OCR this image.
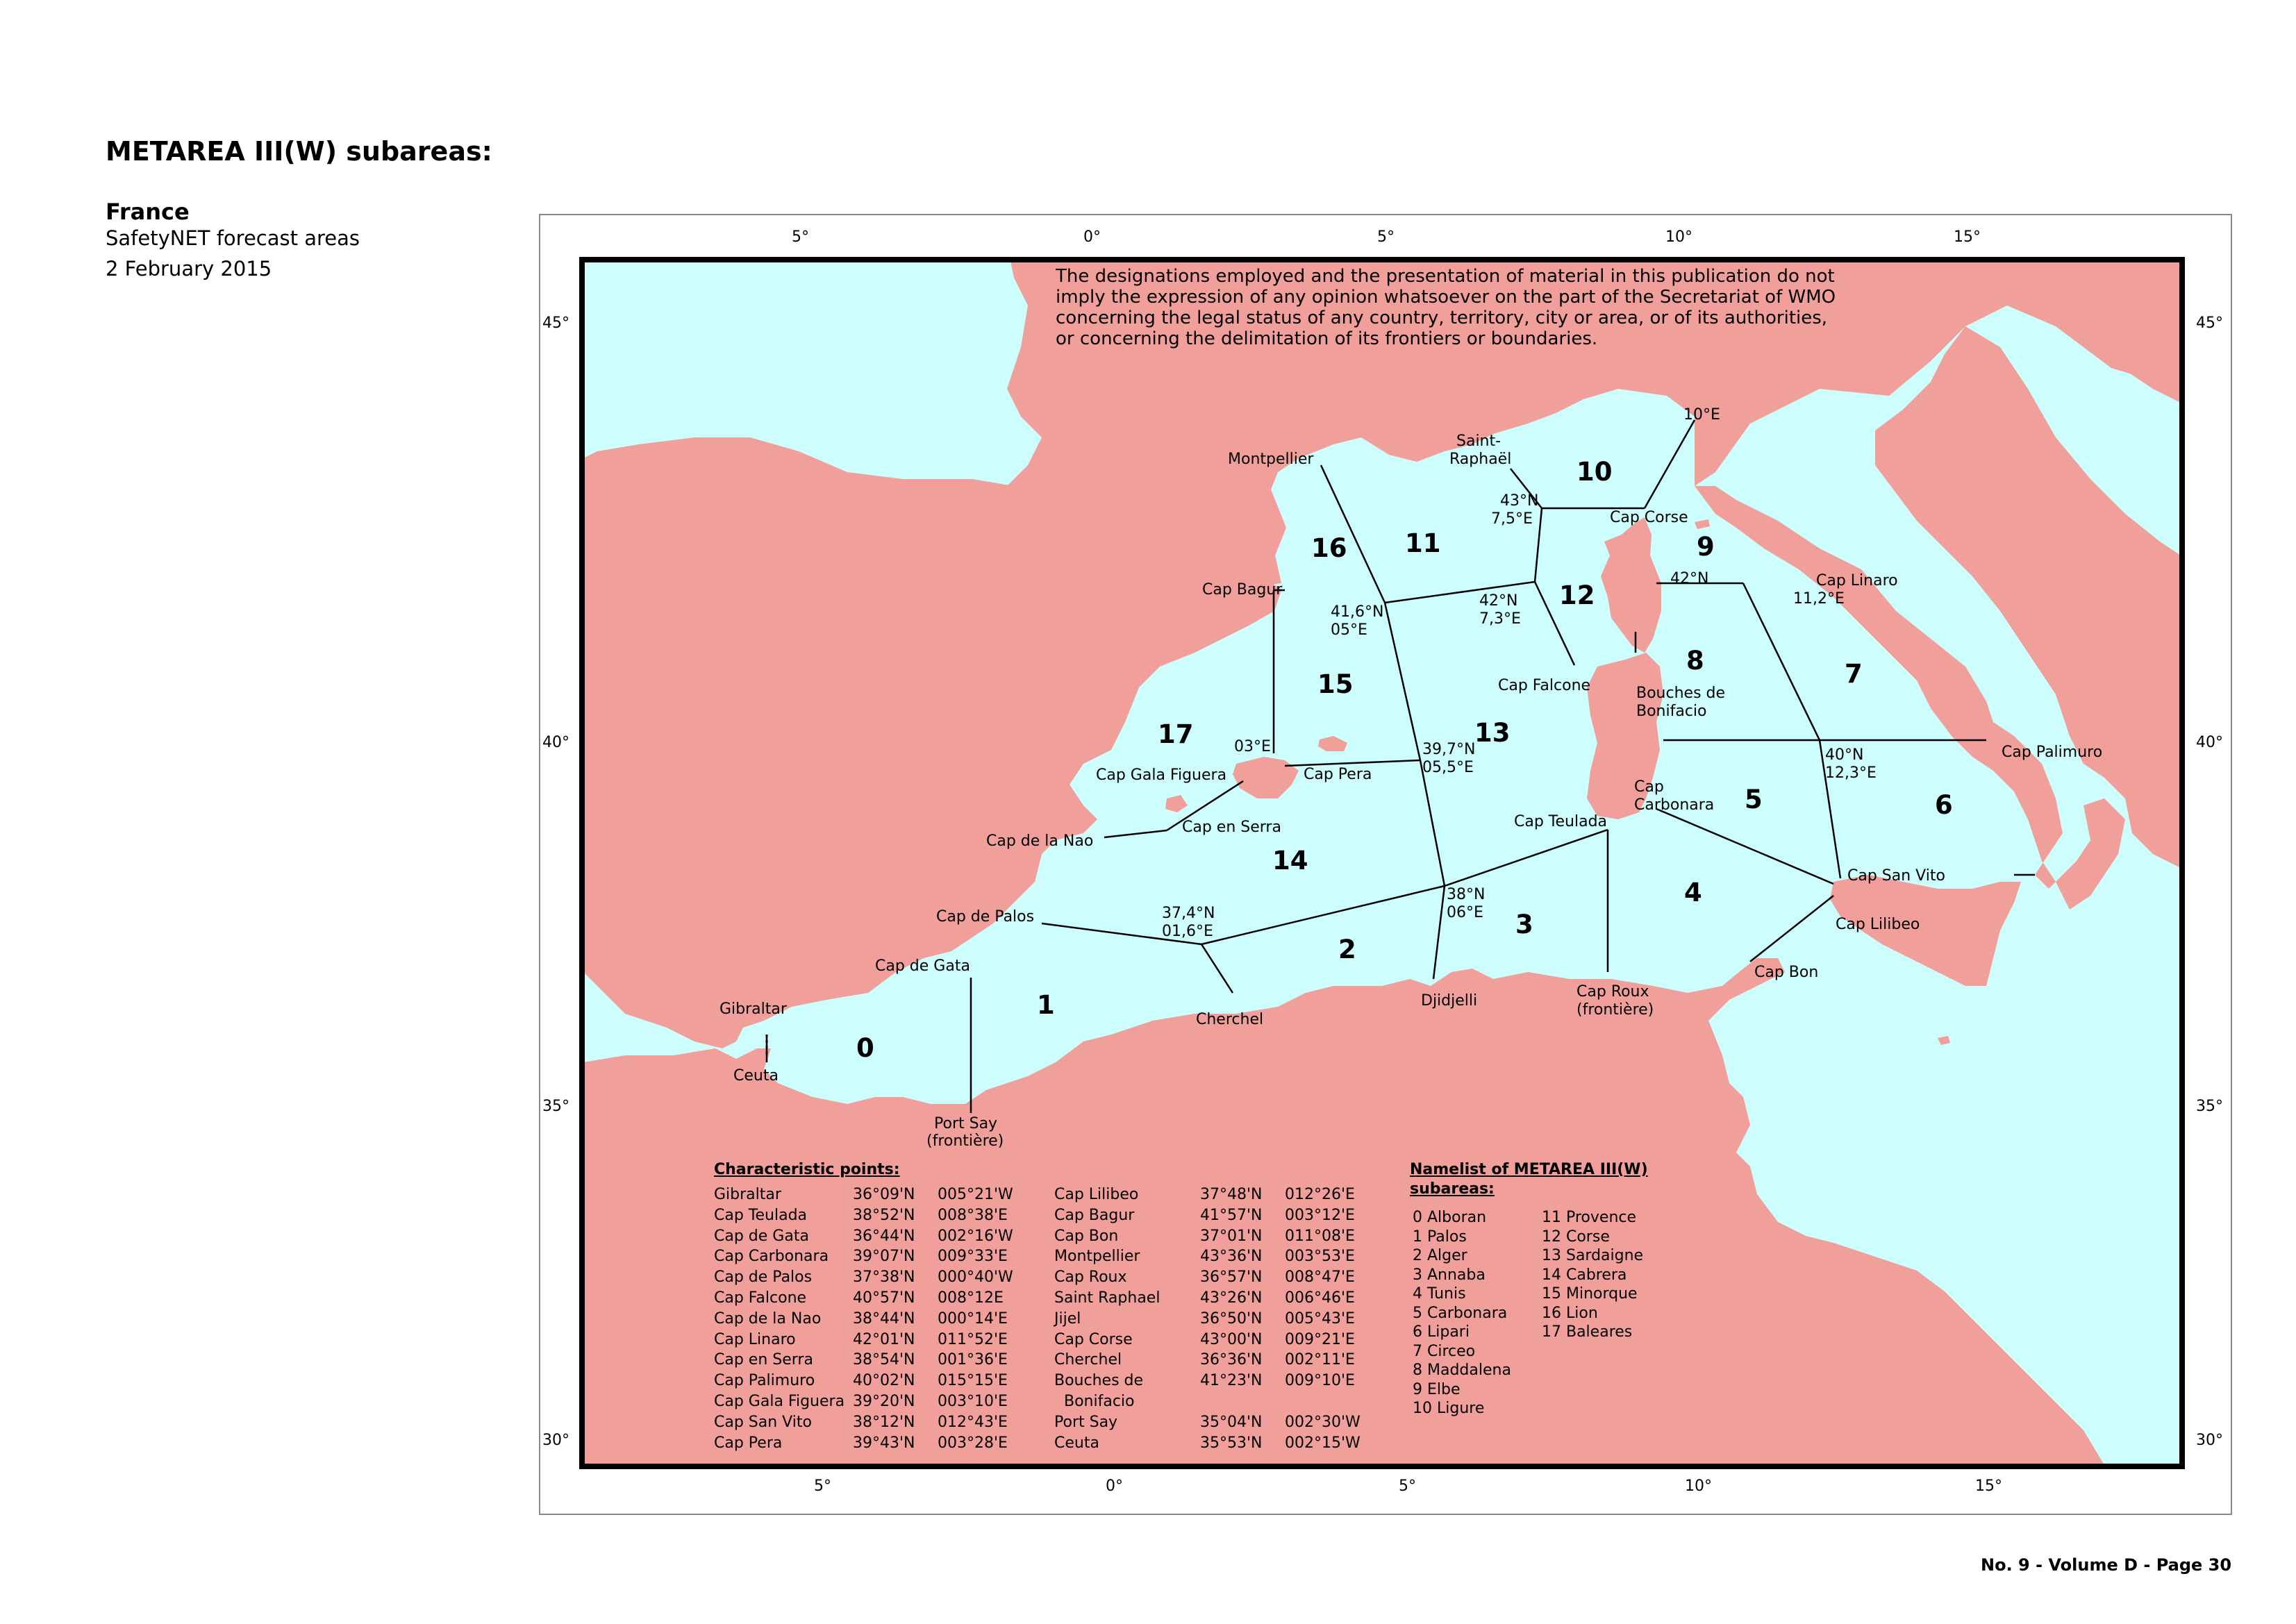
METAREA III(W) subareas:
France
SafetyNET forecast areas
2 February 2015
5°	0°	5°	10°	15°
5°	0°	5°	10°	15°
45°
40°
35°
30°
45°
40°
35°
30°
0
1
2
3
4
5	6
7
8
9
10
11
12
13
14
15
16
17
Gibraltar
Ceuta
Cap de Gata
Port Say
(frontière)
Cap de Palos
Cap de la Nao
Cap en Serra
Cap Gala Figuera	Cap Pera
Cap Bagur
Montpellier
Saint-
Raphaël
Cap Corse
Cap Falcone	Bouches de
Bonifacio
Cap
Carbonara
Cap Teulada
Cap Linaro
Cap Palimuro
Cap San Vito
Cap Lilibeo
Cap Bon
Cap Roux
(frontière)
Djidjelli
Cherchel
10°E
43°N
7,5°E
42°N
7,3°E
41,6°N
05°E
42°N
11,2°E
03°E	39,7°N
05,5°E
40°N
12,3°E
38°N
06°E
37,4°N
01,6°E
The designations employed and the presentation of material in this publication do not imply the expression of any opinion whatsoever on the part of the Secretariat of WMO concerning the legal status of any country, territory, city or area, or of its authorities, or concerning the delimitation of its frontiers or boundaries.
Characteristic points:
Gibraltar	36°09'N 005°21'W
Cap Teulada	38°52'N 008°38'E
Cap de Gata	36°44'N 002°16'W
Cap Carbonara 39°07'N 009°33'E
Cap de Palos	37°38'N 000°40'W
Cap Falcone	40°57'N 008°12E
Cap de la Nao 38°44'N 000°14'E
Cap Linaro	42°01'N 011°52'E
Cap en Serra	38°54'N 001°36'E
Cap Palimuro 40°02'N 015°15'E
Cap Gala Figuera 39°20'N 003°10'E
Cap San Vito	38°12'N 012°43'E
Cap Pera	39°43'N 003°28'E
Cap Lilibeo	37°48'N 012°26'E
Cap Bagur	41°57'N 003°12'E
Cap Bon	37°01'N 011°08'E
Montpellier	43°36'N 003°53'E
Cap Roux	36°57'N 008°47'E
Saint Raphael	43°26'N 006°46'E
Jijel	36°50'N 005°43'E
Cap Corse	43°00'N 009°21'E
Cherchel	36°36'N 002°11'E
Bouches de	41°23'N 009°10'E
Bonifacio
Port Say	35°04'N 002°30'W
Ceuta	35°53'N 002°15'W
Namelist of METAREA III(W)
subareas:
0 Alboran
1 Palos
2 Alger
3 Annaba
4 Tunis
5 Carbonara
6 Lipari
7 Circeo
8 Maddalena
9 Elbe
10 Ligure
11 Provence
12 Corse
13 Sardaigne
14 Cabrera
15 Minorque
16 Lion
17 Baleares
No. 9 - Volume D - Page 30
